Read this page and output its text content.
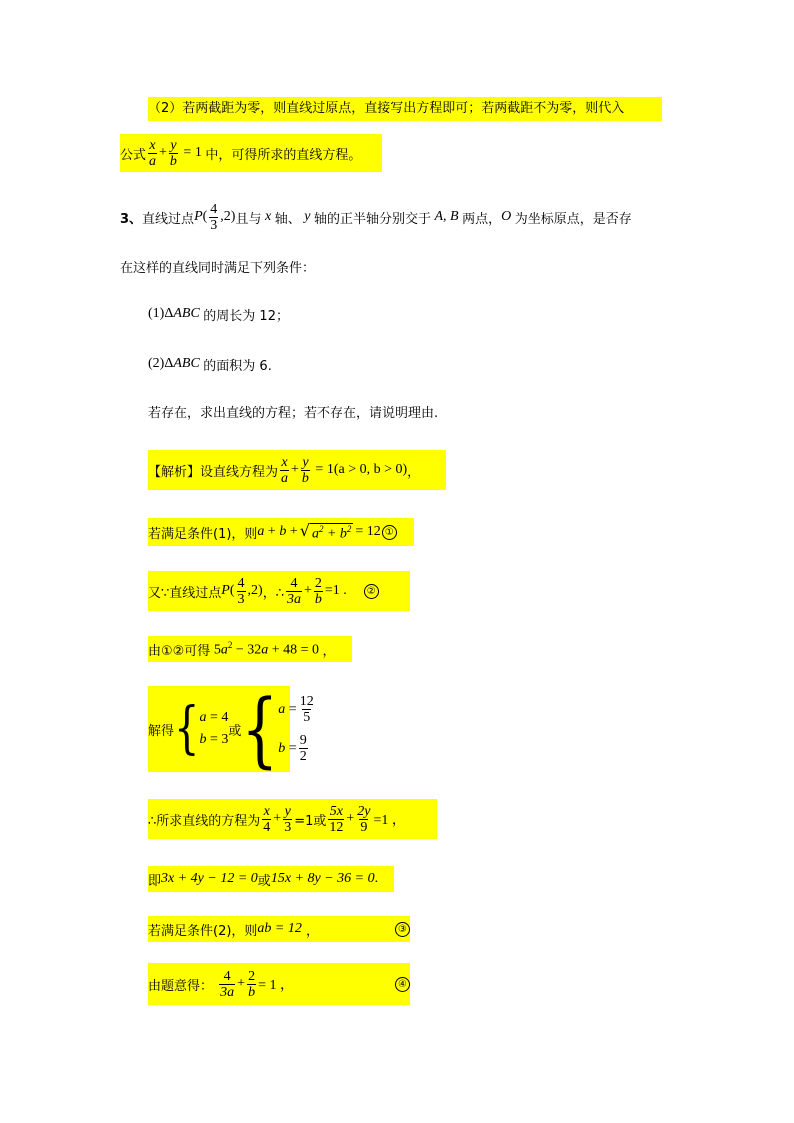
（2）若两截距为零，则直线过原点，直接写出方程即可；若两截距不为零，则代入
公式 $\frac{x}{a} + \frac{y}{b} = 1$ 中，可得所求的直线方程。
3、 直线过点 P ( $\frac{4}{3} ,2$) 且与 x 轴、 y 轴的正半轴分别交于 A, B 两点， O 为坐标原点，是否存
在这样的直线同时满足下列条件：
(1) Δ ABC 的周长为 12；
(2) Δ ABC 的面积为 6.
若存在，求出直线的方程；若不存在，请说明理由.
【解析】设直线方程为 $\frac{x}{a} + \frac{y}{b} = 1(a > 0$, b > 0) ，
若满足条件(1)，则 a + b + √ $a^2 + b^2 = 12$ ①
又∵直线过点 P ( $\frac{4}{3} ,2$) ，∴ $\frac{4}{3a} + \frac{2}{b} =1$ .	②
由①②可得 $5a^2 - 32a + 48 = 0$ ，
解得 { a = 4
b = 3
或 { $a = \frac{12}{5}$
$b = \frac{9}{2}$
∴所求直线的方程为 $\frac{x}{4} + \frac{y}{3} =1$或 $\frac{5x}{12} + \frac{2y}{9} =1$ ，
即 3x + 4y − 12 = 0 或 15x + 8y − 36 = 0 .
若满足条件(2)，则 ab = 12
，	③
由题意得：
$\frac{4}{3a} + \frac{2}{b} = 1$ ，	④
